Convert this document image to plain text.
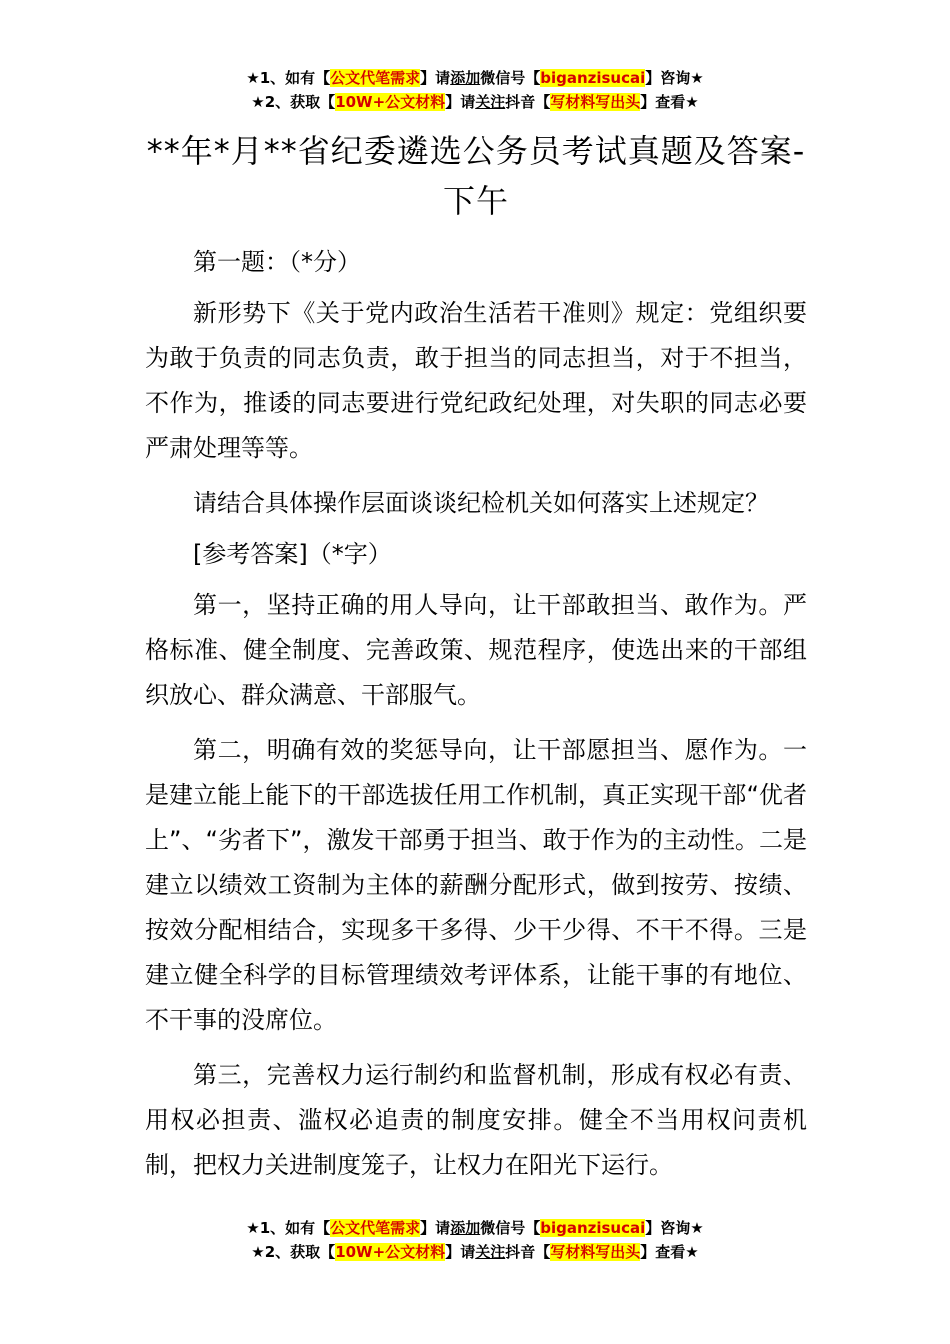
★1、如有【公文代笔需求】请添加微信号【biganzisucai】咨询★
★2、获取【10W+公文材料】请关注抖音【写材料写出头】查看★
**年*月**省纪委遴选公务员考试真题及答案-下午

第一题：（*分）

新形势下《关于党内政治生活若干准则》规定：党组织要为敢于负责的同志负责，敢于担当的同志担当，对于不担当，不作为，推诿的同志要进行党纪政纪处理，对失职的同志必要严肃处理等等。

请结合具体操作层面谈谈纪检机关如何落实上述规定？

[参考答案]（*字）

第一，坚持正确的用人导向，让干部敢担当、敢作为。严格标准、健全制度、完善政策、规范程序，使选出来的干部组织放心、群众满意、干部服气。

第二，明确有效的奖惩导向，让干部愿担当、愿作为。一是建立能上能下的干部选拔任用工作机制，真正实现干部“优者上”、“劣者下”，激发干部勇于担当、敢于作为的主动性。二是建立以绩效工资制为主体的薪酬分配形式，做到按劳、按绩、按效分配相结合，实现多干多得、少干少得、不干不得。三是建立健全科学的目标管理绩效考评体系，让能干事的有地位、不干事的没席位。

第三，完善权力运行制约和监督机制，形成有权必有责、用权必担责、滥权必追责的制度安排。健全不当用权问责机制，把权力关进制度笼子，让权力在阳光下运行。

★1、如有【公文代笔需求】请添加微信号【biganzisucai】咨询★
★2、获取【10W+公文材料】请关注抖音【写材料写出头】查看★
